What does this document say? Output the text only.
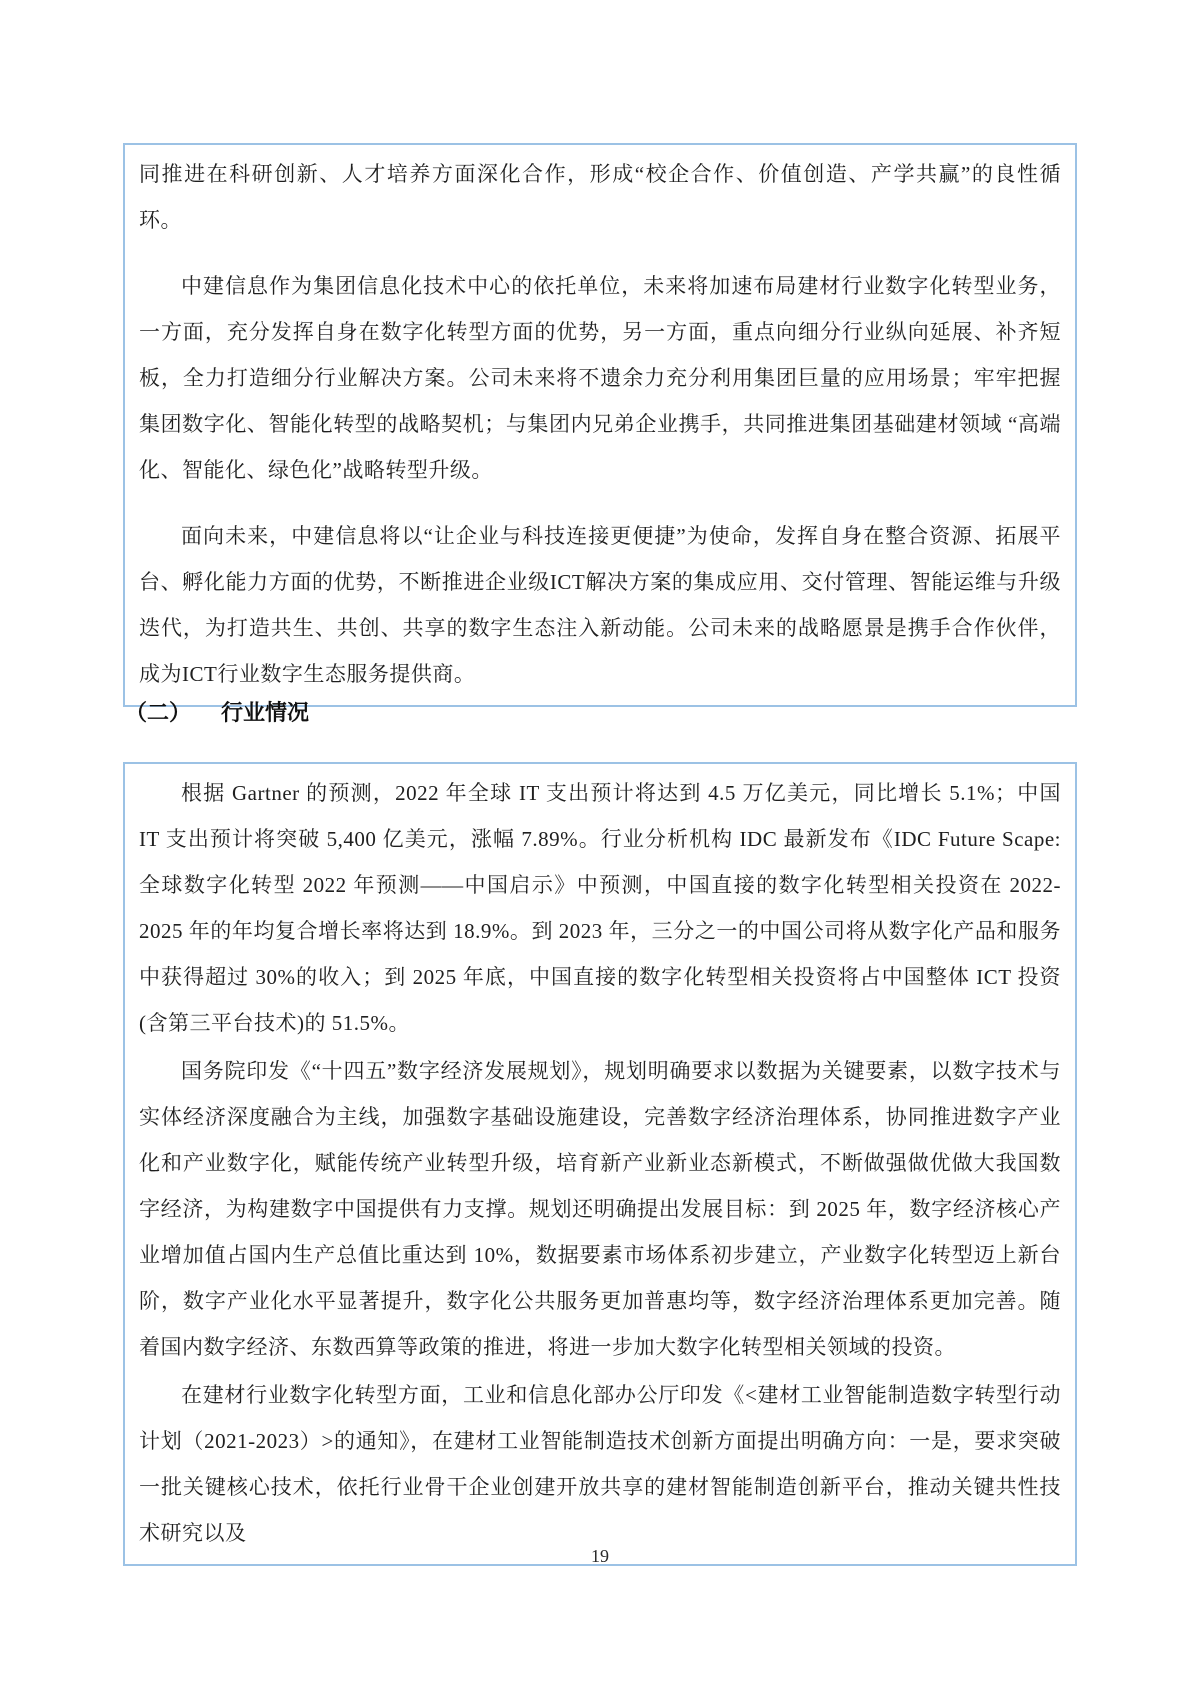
同推进在科研创新、人才培养方面深化合作，形成“校企合作、价值创造、产学共赢”的良性循环。

中建信息作为集团信息化技术中心的依托单位，未来将加速布局建材行业数字化转型业务，一方面，充分发挥自身在数字化转型方面的优势，另一方面，重点向细分行业纵向延展、补齐短板，全力打造细分行业解决方案。公司未来将不遗余力充分利用集团巨量的应用场景；牢牢把握集团数字化、智能化转型的战略契机；与集团内兄弟企业携手，共同推进集团基础建材领域 “高端化、智能化、绿色化”战略转型升级。

面向未来，中建信息将以“让企业与科技连接更便捷”为使命，发挥自身在整合资源、拓展平台、孵化能力方面的优势，不断推进企业级ICT解决方案的集成应用、交付管理、智能运维与升级迭代，为打造共生、共创、共享的数字生态注入新动能。公司未来的战略愿景是携手合作伙伴，成为ICT行业数字生态服务提供商。

（二） 行业情况

根据 Gartner 的预测，2022 年全球 IT 支出预计将达到 4.5 万亿美元，同比增长 5.1%；中国 IT 支出预计将突破 5,400 亿美元，涨幅 7.89%。行业分析机构 IDC 最新发布《IDC Future Scape: 全球数字化转型 2022 年预测——中国启示》中预测，中国直接的数字化转型相关投资在 2022-2025 年的年均复合增长率将达到 18.9%。到 2023 年，三分之一的中国公司将从数字化产品和服务中获得超过 30%的收入；到 2025 年底，中国直接的数字化转型相关投资将占中国整体 ICT 投资(含第三平台技术)的 51.5%。

国务院印发《“十四五”数字经济发展规划》，规划明确要求以数据为关键要素，以数字技术与实体经济深度融合为主线，加强数字基础设施建设，完善数字经济治理体系，协同推进数字产业化和产业数字化，赋能传统产业转型升级，培育新产业新业态新模式，不断做强做优做大我国数字经济，为构建数字中国提供有力支撑。规划还明确提出发展目标：到 2025 年，数字经济核心产业增加值占国内生产总值比重达到 10%，数据要素市场体系初步建立，产业数字化转型迈上新台阶，数字产业化水平显著提升，数字化公共服务更加普惠均等，数字经济治理体系更加完善。随着国内数字经济、东数西算等政策的推进，将进一步加大数字化转型相关领域的投资。

在建材行业数字化转型方面，工业和信息化部办公厅印发《<建材工业智能制造数字转型行动计划（2021-2023）>的通知》，在建材工业智能制造技术创新方面提出明确方向：一是，要求突破一批关键核心技术，依托行业骨干企业创建开放共享的建材智能制造创新平台，推动关键共性技术研究以及

19
